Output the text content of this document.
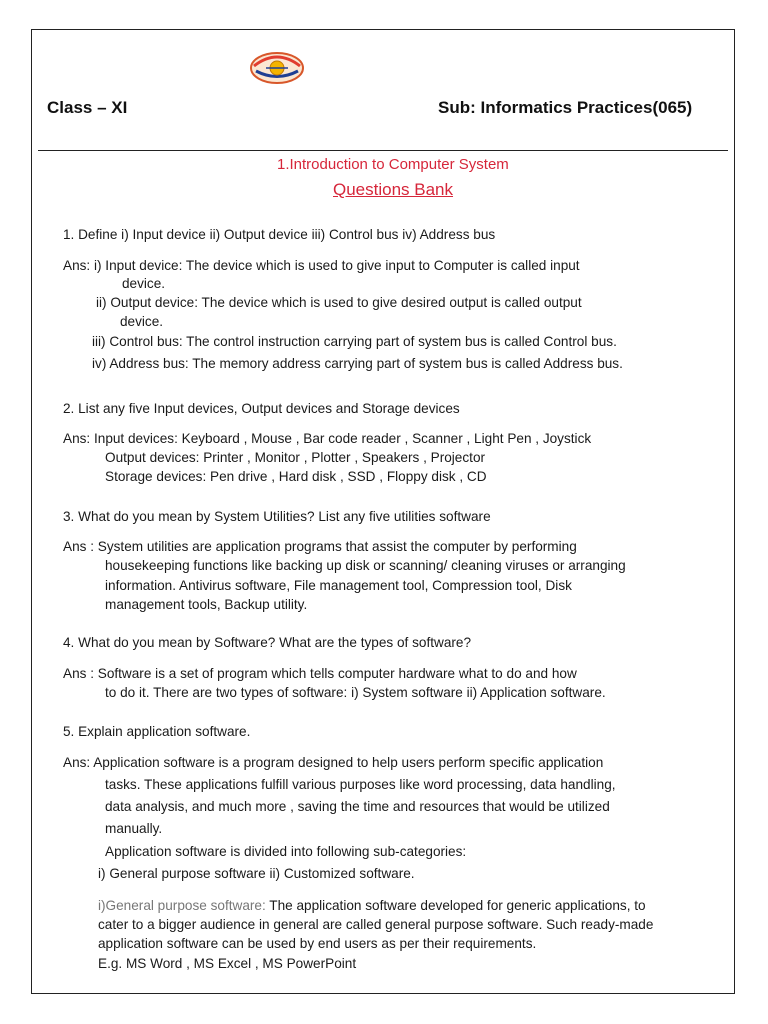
Class – XI	Sub: Informatics Practices(065)
1.Introduction to Computer System
Questions Bank
1. Define i) Input device ii) Output device iii) Control bus iv) Address bus
Ans: i) Input device: The device which is used to give input to Computer is called input
device.
ii) Output device: The device which is used to give desired output is called output
device.
iii) Control bus: The control instruction carrying part of system bus is called Control bus.
iv) Address bus: The memory address carrying part of system bus is called Address bus.
2. List any five Input devices, Output devices and Storage devices
Ans: Input devices: Keyboard , Mouse , Bar code reader , Scanner , Light Pen , Joystick
Output devices: Printer , Monitor , Plotter , Speakers , Projector
Storage devices: Pen drive , Hard disk , SSD , Floppy disk , CD
3. What do you mean by System Utilities? List any five utilities software
Ans : System utilities are application programs that assist the computer by performing
housekeeping functions like backing up disk or scanning/ cleaning viruses or arranging
information. Antivirus software, File management tool, Compression tool, Disk
management tools, Backup utility.
4. What do you mean by Software? What are the types of software?
Ans : Software is a set of program which tells computer hardware what to do and how
to do it. There are two types of software: i) System software ii) Application software.
5. Explain application software.
Ans: Application software is a program designed to help users perform specific application
tasks. These applications fulfill various purposes like word processing, data handling,
data analysis, and much more , saving the time and resources that would be utilized
manually.
Application software is divided into following sub-categories:
i) General purpose software ii) Customized software.
i)General purpose software: The application software developed for generic applications, to
cater to a bigger audience in general are called general purpose software. Such ready-made
application software can be used by end users as per their requirements.
E.g. MS Word , MS Excel , MS PowerPoint
